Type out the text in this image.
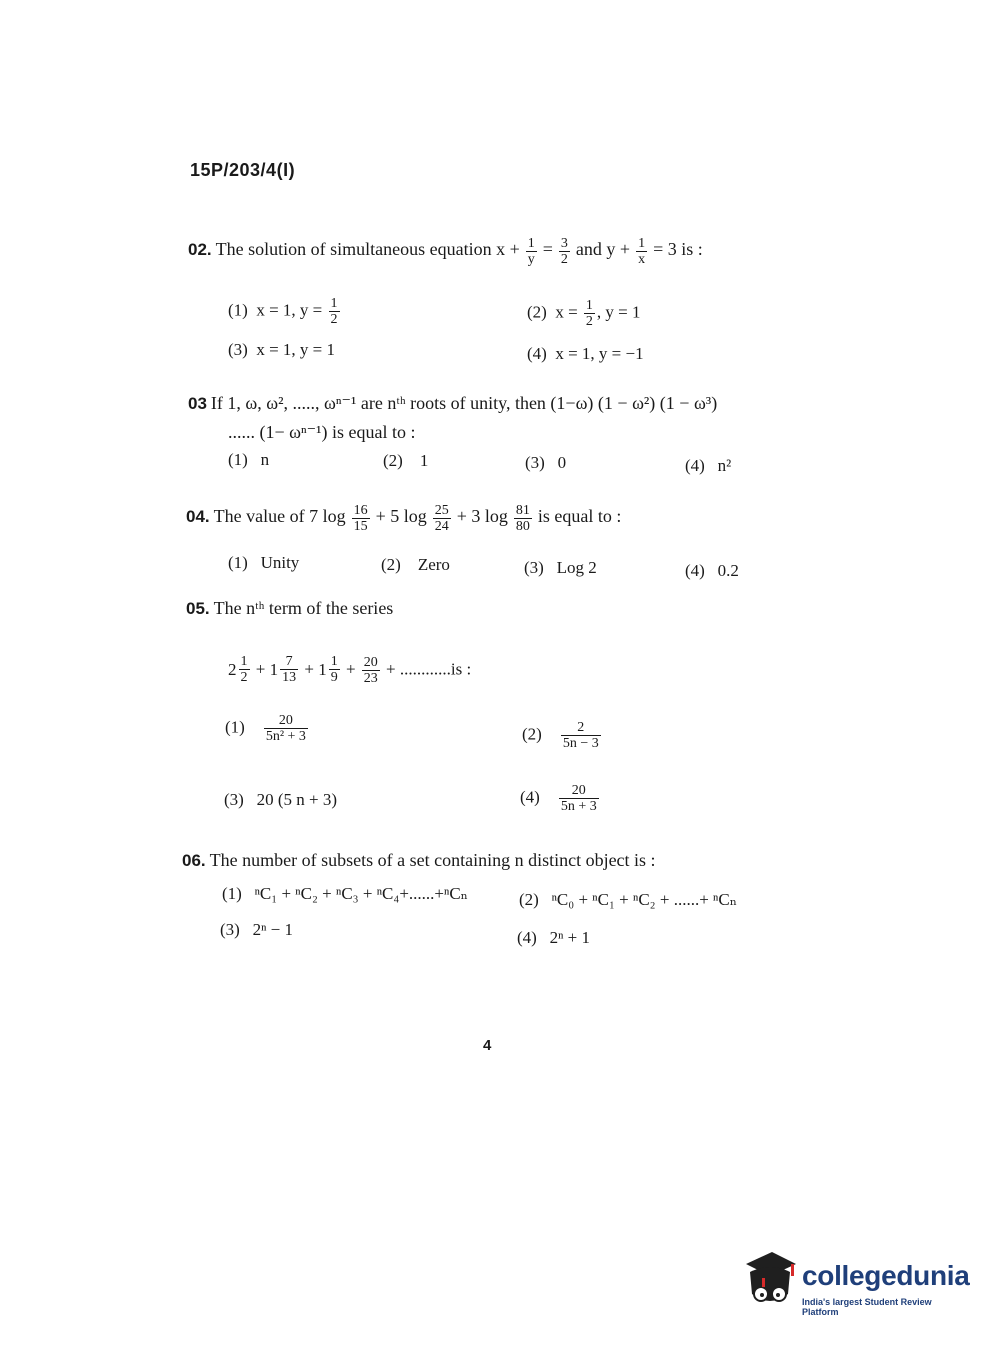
15P/203/4(I)
02. The solution of simultaneous equation $x + \frac{1}{y} = \frac{3}{2}$ and $y + \frac{1}{x} = 3$ is :
(1) x = 1, $y = \frac{1}{2}$	(2) $x = \frac{1}{2}$ , y = 1
(3) x = 1, y = 1	(4) x = 1, y = −1
03 If 1, ω, ω², ....., ωⁿ⁻¹ are nᵗʰ roots of unity, then (1−ω) (1 − ω²) (1 − ω³)
...... (1− ωⁿ⁻¹) is equal to :
(1) n	(2) 1	(3) 0	(4) n²
04. The value of 7 $\log \frac{16}{15} + 5$ $\log \frac{25}{24} + 3$ $\log \frac{81}{80}$ is equal to :
(1) Unity	(2) Zero	(3) Log 2	(4) 0.2
05. The nᵗʰ term of the series
$2 \frac{1}{2} + 1 \frac{7}{13} + 1 \frac{1}{9} + \frac{20}{23} + ............is$ :
$(1) \frac{20}{\text{5n² + 3}}$	$(2) \frac{2}{5n - 3}$
(3) 20 (5 n + 3)	$(4) \frac{20}{5n + 3}$
06. The number of subsets of a set containing n distinct object is :
(1) ⁿC₁ + ⁿC₂ + ⁿC₃ + ⁿC₄+......+ⁿCₙ	(2) ⁿC₀ + ⁿC₁ + ⁿC₂ + ......+ ⁿCₙ
(3) 2ⁿ − 1	(4) 2ⁿ + 1
4
collegedunia
India's largest Student Review Platform
